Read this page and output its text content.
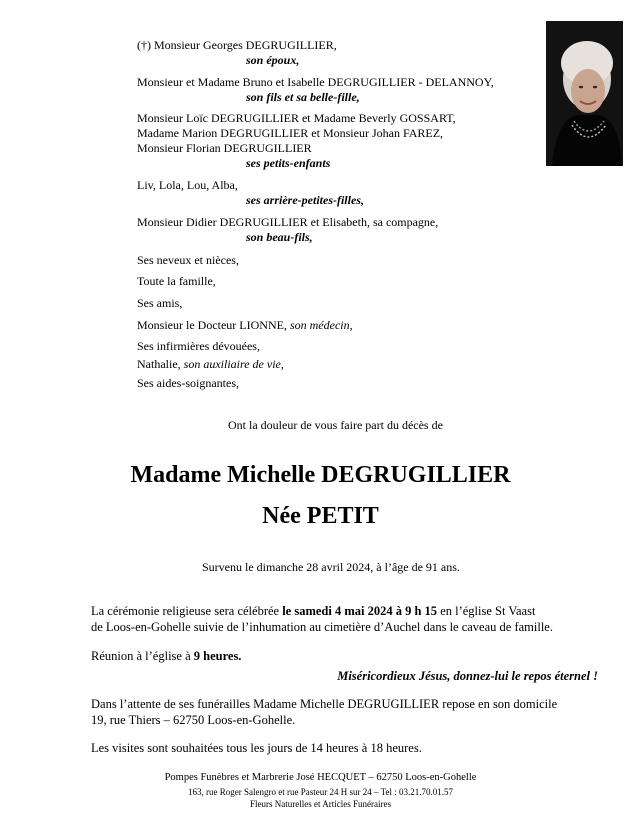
(†) Monsieur Georges DEGRUGILLIER,
son époux,
Monsieur et Madame Bruno et Isabelle DEGRUGILLIER - DELANNOY,
son fils et sa belle-fille,
Monsieur Loïc DEGRUGILLIER et Madame Beverly GOSSART,
Madame Marion DEGRUGILLIER et Monsieur Johan FAREZ,
Monsieur Florian DEGRUGILLIER
ses petits-enfants
Liv, Lola, Lou, Alba,
ses arrière-petites-filles,
Monsieur Didier DEGRUGILLIER et Elisabeth, sa compagne,
son beau-fils,
Ses neveux et nièces,
Toute la famille,
Ses amis,
Monsieur le Docteur LIONNE, son médecin,
Ses infirmières dévouées,
Nathalie, son auxiliaire de vie,
Ses aides-soignantes,
Ont la douleur de vous faire part du décès de
Madame Michelle DEGRUGILLIER
Née PETIT
Survenu le dimanche 28 avril 2024, à l’âge de 91 ans.
La cérémonie religieuse sera célébrée le samedi 4 mai 2024 à 9 h 15 en l’église St Vaast
de Loos-en-Gohelle suivie de l’inhumation au cimetière d’Auchel dans le caveau de famille.
Réunion à l’église à 9 heures.
Miséricordieux Jésus, donnez-lui le repos éternel !
Dans l’attente de ses funérailles Madame Michelle DEGRUGILLIER repose en son domicile
19, rue Thiers – 62750 Loos-en-Gohelle.
Les visites sont souhaitées tous les jours de 14 heures à 18 heures.
Pompes Funèbres et Marbrerie José HECQUET – 62750 Loos-en-Gohelle
163, rue Roger Salengro et rue Pasteur 24 H sur 24 – Tel : 03.21.70.01.57
Fleurs Naturelles et Articles Funéraires
